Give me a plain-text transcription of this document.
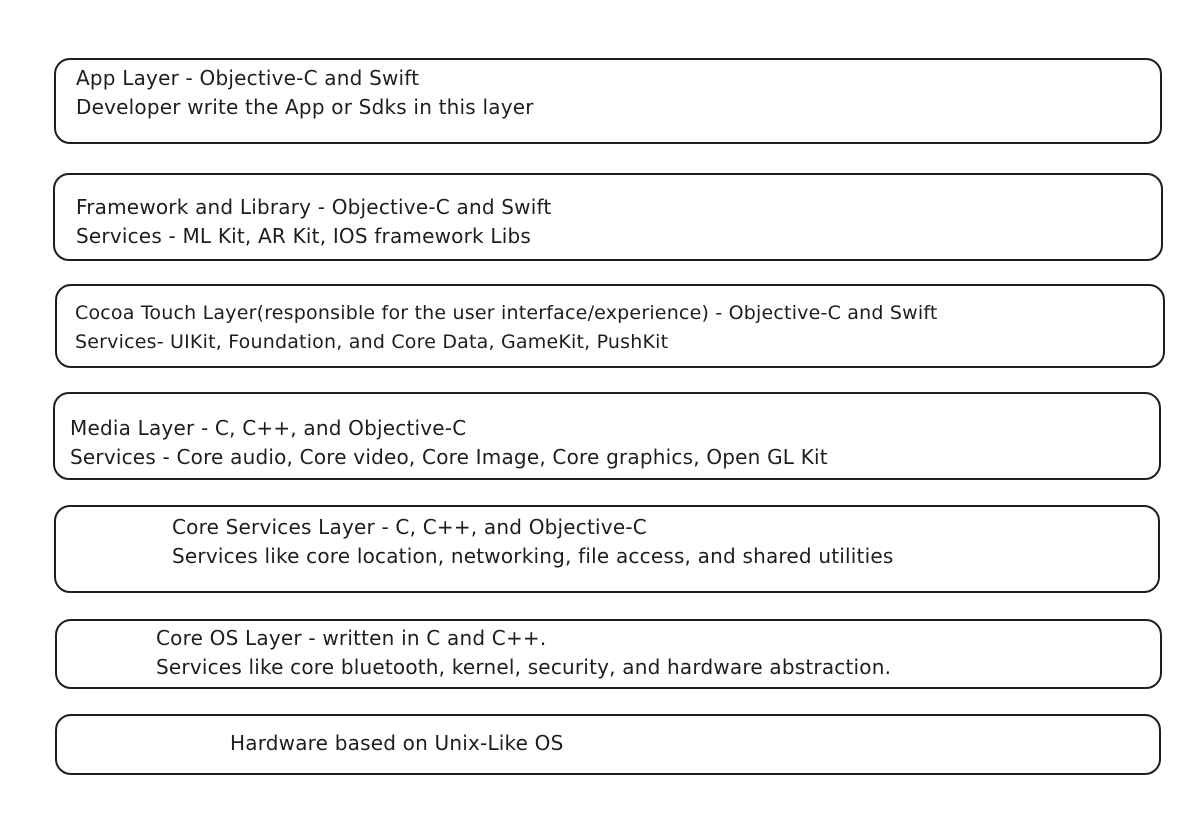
App Layer - Objective-C and Swift
Developer write the App or Sdks in this layer
Framework and Library - Objective-C and Swift
Services - ML Kit, AR Kit, IOS framework Libs
Cocoa Touch Layer(responsible for the user interface/experience) - Objective-C and Swift
Services- UIKit, Foundation, and Core Data, GameKit, PushKit
Media Layer - C, C++, and Objective-C
Services - Core audio, Core video, Core Image, Core graphics, Open GL Kit
Core Services Layer - C, C++, and Objective-C
Services like core location, networking, file access, and shared utilities
Core OS Layer - written in C and C++.
Services like core bluetooth, kernel, security, and hardware abstraction.
Hardware based on Unix-Like OS
